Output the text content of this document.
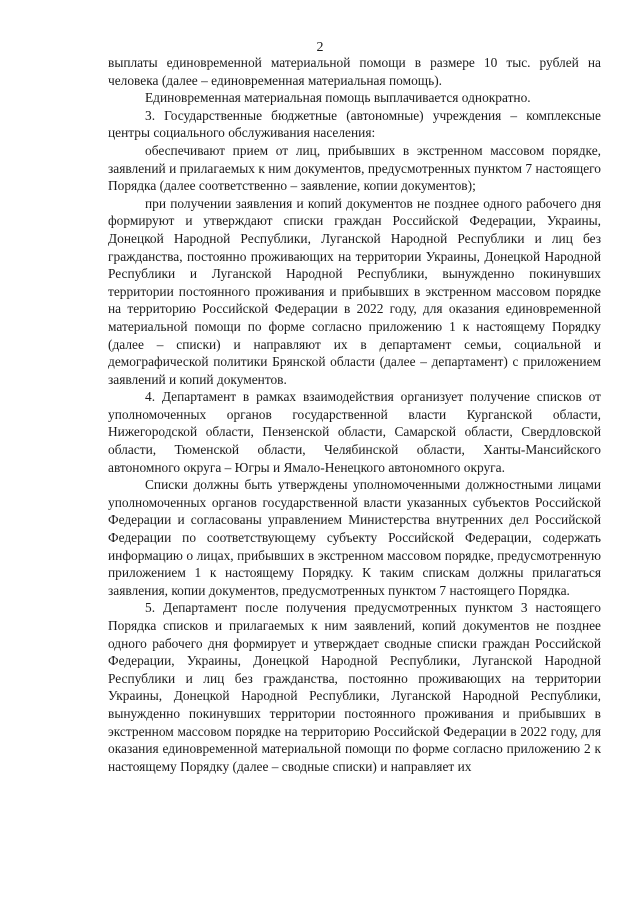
2

выплаты единовременной материальной помощи в размере 10 тыс. рублей на человека (далее – единовременная материальная помощь).

Единовременная материальная помощь выплачивается однократно.

3. Государственные бюджетные (автономные) учреждения – комплексные центры социального обслуживания населения:

обеспечивают прием от лиц, прибывших в экстренном массовом порядке, заявлений и прилагаемых к ним документов, предусмотренных пунктом 7 настоящего Порядка (далее соответственно – заявление, копии документов);

при получении заявления и копий документов не позднее одного рабочего дня формируют и утверждают списки граждан Российской Федерации, Украины, Донецкой Народной Республики, Луганской Народной Республики и лиц без гражданства, постоянно проживающих на территории Украины, Донецкой Народной Республики и Луганской Народной Республики, вынужденно покинувших территории постоянного проживания и прибывших в экстренном массовом порядке на территорию Российской Федерации в 2022 году, для оказания единовременной материальной помощи по форме согласно приложению 1 к настоящему Порядку (далее – списки) и направляют их в департамент семьи, социальной и демографической политики Брянской области (далее – департамент) с приложением заявлений и копий документов.

4. Департамент в рамках взаимодействия организует получение списков от уполномоченных органов государственной власти Курганской области, Нижегородской области, Пензенской области, Самарской области, Свердловской области, Тюменской области, Челябинской области, Ханты-Мансийского автономного округа – Югры и Ямало-Ненецкого автономного округа.

Списки должны быть утверждены уполномоченными должностными лицами уполномоченных органов государственной власти указанных субъектов Российской Федерации и согласованы управлением Министерства внутренних дел Российской Федерации по соответствующему субъекту Российской Федерации, содержать информацию о лицах, прибывших в экстренном массовом порядке, предусмотренную приложением 1 к настоящему Порядку. К таким спискам должны прилагаться заявления, копии документов, предусмотренных пунктом 7 настоящего Порядка.

5. Департамент после получения предусмотренных пунктом 3 настоящего Порядка списков и прилагаемых к ним заявлений, копий документов не позднее одного рабочего дня формирует и утверждает сводные списки граждан Российской Федерации, Украины, Донецкой Народной Республики, Луганской Народной Республики и лиц без гражданства, постоянно проживающих на территории Украины, Донецкой Народной Республики, Луганской Народной Республики, вынужденно покинувших территории постоянного проживания и прибывших в экстренном массовом порядке на территорию Российской Федерации в 2022 году, для оказания единовременной материальной помощи по форме согласно приложению 2 к настоящему Порядку (далее – сводные списки) и направляет их
